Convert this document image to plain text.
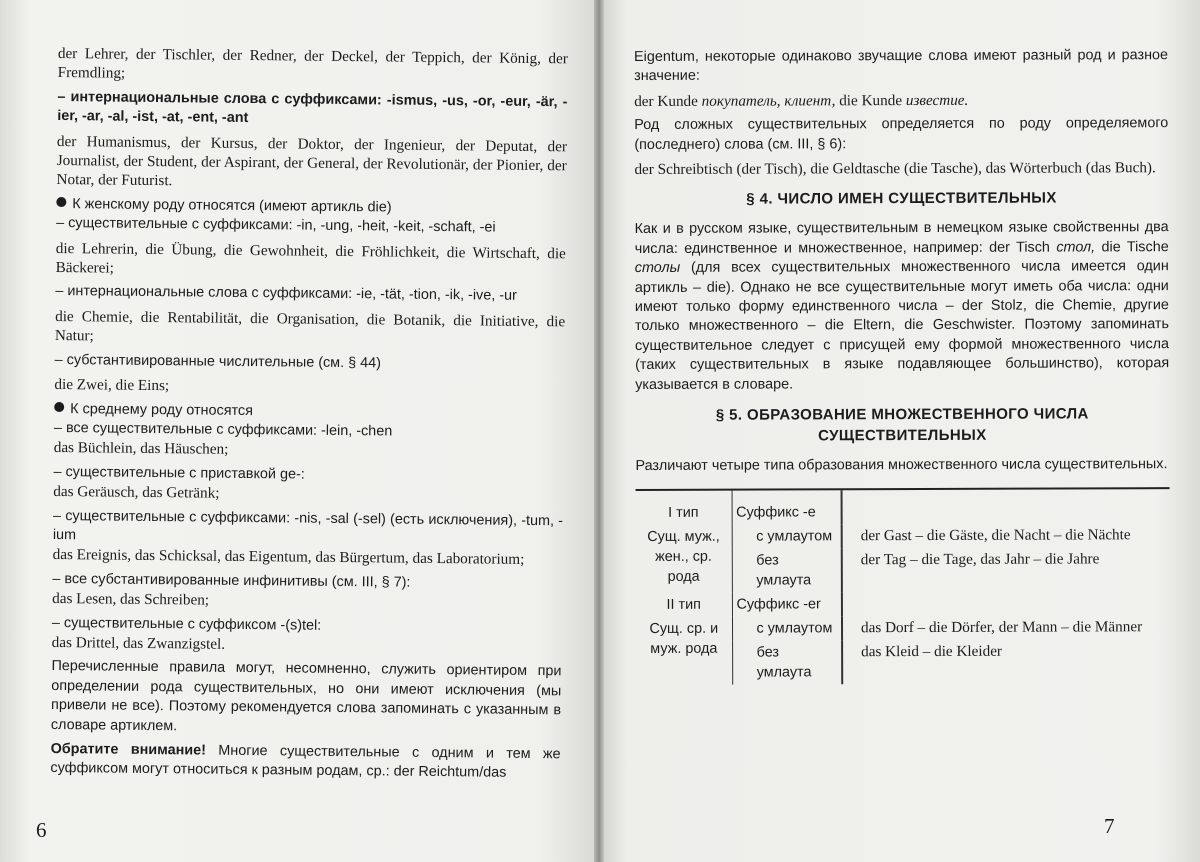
der Lehrer, der Tischler, der Redner, der Deckel, der Teppich, der König, der Fremdling;

– интернациональные слова с суффиксами: -ismus, -us, -or, -eur, -är, -ier, -ar, -al, -ist, -at, -ent, -ant

der Humanismus, der Kursus, der Doktor, der Ingenieur, der Deputat, der Journalist, der Student, der Aspirant, der General, der Revolutionär, der Pionier, der Notar, der Futurist.

К женскому роду относятся (имеют артикль die)

– существительные с суффиксами: -in, -ung, -heit, -keit, -schaft, -ei

die Lehrerin, die Übung, die Gewohnheit, die Fröhlichkeit, die Wirtschaft, die Bäckerei;

– интернациональные слова с суффиксами: -ie, -tät, -tion, -ik, -ive, -ur

die Chemie, die Rentabilität, die Organisation, die Botanik, die Initiative, die Natur;

– субстантивированные числительные (см. § 44)

die Zwei, die Eins;

К среднему роду относятся

– все существительные с суффиксами: -lein, -chen

das Büchlein, das Häuschen;

– существительные с приставкой ge-:

das Geräusch, das Getränk;

– существительные с суффиксами: -nis, -sal (-sel) (есть исключения), -tum, -ium

das Ereignis, das Schicksal, das Eigentum, das Bürgertum, das Laboratorium;

– все субстантивированные инфинитивы (см. III, § 7):

das Lesen, das Schreiben;

– существительные с суффиксом -(s)tel:

das Drittel, das Zwanzigstel.

Перечисленные правила могут, несомненно, служить ориентиром при определении рода существительных, но они имеют исключения (мы привели не все). Поэтому рекомендуется слова запоминать с указанным в словаре артиклем.

Обратите внимание! Многие существительные с одним и тем же суффиксом могут относиться к разным родам, ср.: der Reichtum/das

6

Eigentum, некоторые одинаково звучащие слова имеют разный род и разное значение:

der Kunde покупатель, клиент, die Kunde известие.

Род сложных существительных определяется по роду определяемого (последнего) слова (см. III, § 6):

der Schreibtisch (der Tisch), die Geldtasche (die Tasche), das Wörterbuch (das Buch).

§ 4. ЧИСЛО ИМЕН СУЩЕСТВИТЕЛЬНЫХ

Как и в русском языке, существительным в немецком языке свойственны два числа: единственное и множественное, например: der Tisch стол, die Tische столы (для всех существительных множественного числа имеется один артикль – die). Однако не все существительные могут иметь оба числа: одни имеют только форму единственного числа – der Stolz, die Chemie, другие только множественного – die Eltern, die Geschwister. Поэтому запоминать существительное следует с присущей ему формой множественного числа (таких существительных в языке подавляющее большинство), которая указывается в словаре.

§ 5. ОБРАЗОВАНИЕ МНОЖЕСТВЕННОГО ЧИСЛА СУЩЕСТВИТЕЛЬНЫХ

Различают четыре типа образования множественного числа существительных.

I тип	Суффикс -e	
Сущ. муж., жен., ср. рода	с умлаутом	der Gast – die Gäste, die Nacht – die Nächte

	без умлаута	der Tag – die Tage, das Jahr – die Jahre
II тип	Суффикс -er	
Сущ. ср. и муж. рода	с умлаутом	das Dorf – die Dörfer, der Mann – die Männer

	без умлаута	das Kleid – die Kleider
7
